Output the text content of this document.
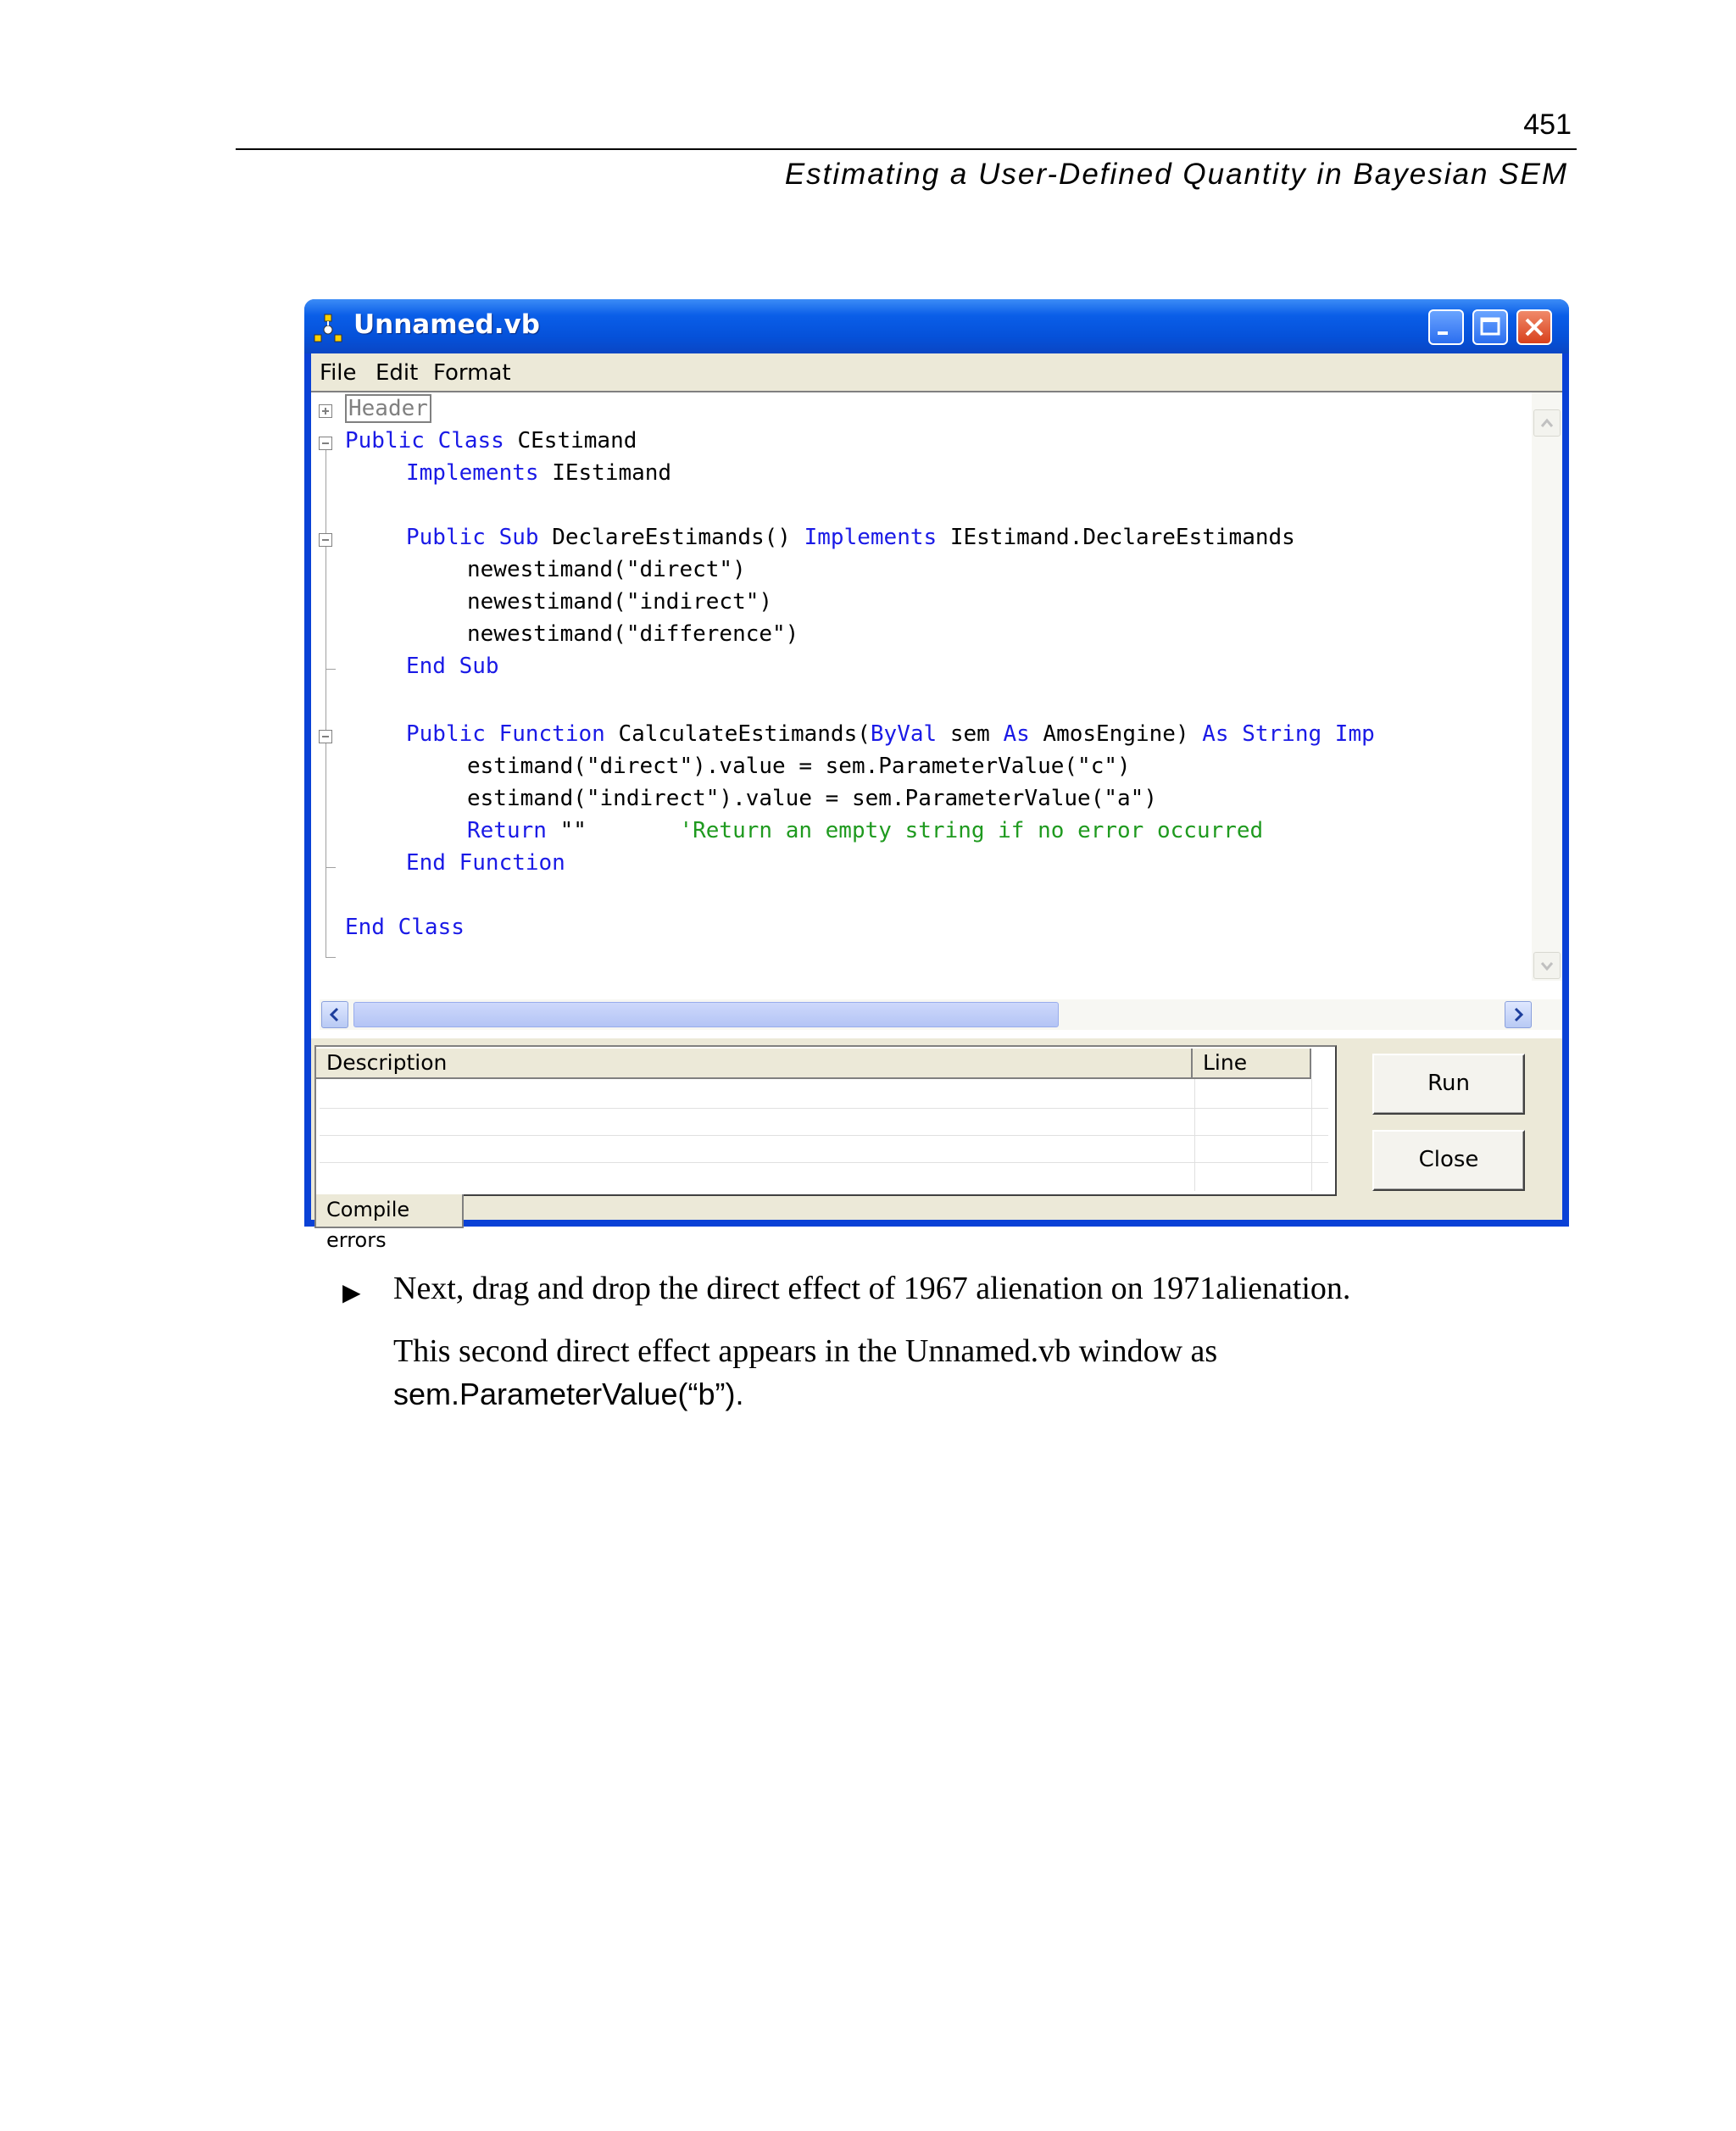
451
Estimating a User-Defined Quantity in Bayesian SEM
Unnamed.vb
File Edit Format
Header
Public Class CEstimand
Implements IEstimand
Public Sub DeclareEstimands() Implements IEstimand.DeclareEstimands
newestimand("direct")
newestimand("indirect")
newestimand("difference")
End Sub
Public Function CalculateEstimands(ByVal sem As AmosEngine) As String Imp
estimand("direct").value = sem.ParameterValue("c")
estimand("indirect").value = sem.ParameterValue("a")
Return ""       'Return an empty string if no error occurred
End Function
End Class
Description	Line
Compile errors
Run
Close
▶ Next, drag and drop the direct effect of 1967 alienation on 1971alienation.
This second direct effect appears in the Unnamed.vb window as
sem.ParameterValue(“b”).
